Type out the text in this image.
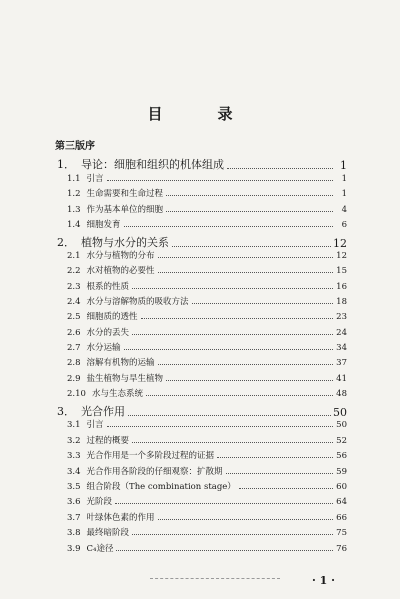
目　录
第三版序
1． 导论：细胞和组织的机体组成	1
1.1 引言	1
1.2 生命需要和生命过程	1
1.3 作为基本单位的细胞	4
1.4 细胞发育	6
2． 植物与水分的关系	12
2.1 水分与植物的分布	12
2.2 水对植物的必要性	15
2.3 根系的性质	16
2.4 水分与溶解物质的吸收方法	18
2.5 细胞质的透性	23
2.6 水分的丢失	24
2.7 水分运输	34
2.8 溶解有机物的运输	37
2.9 盐生植物与旱生植物	41
2.10 水与生态系统	48
3． 光合作用	50
3.1 引言	50
3.2 过程的概要	52
3.3 光合作用是一个多阶段过程的证据	56
3.4 光合作用各阶段的仔细观察：扩散期	59
3.5 组合阶段（The combination stage）	60
3.6 光阶段	64
3.7 叶绿体色素的作用	66
3.8 最终暗阶段	75
3.9 C₄途径	76
· 1 ·
